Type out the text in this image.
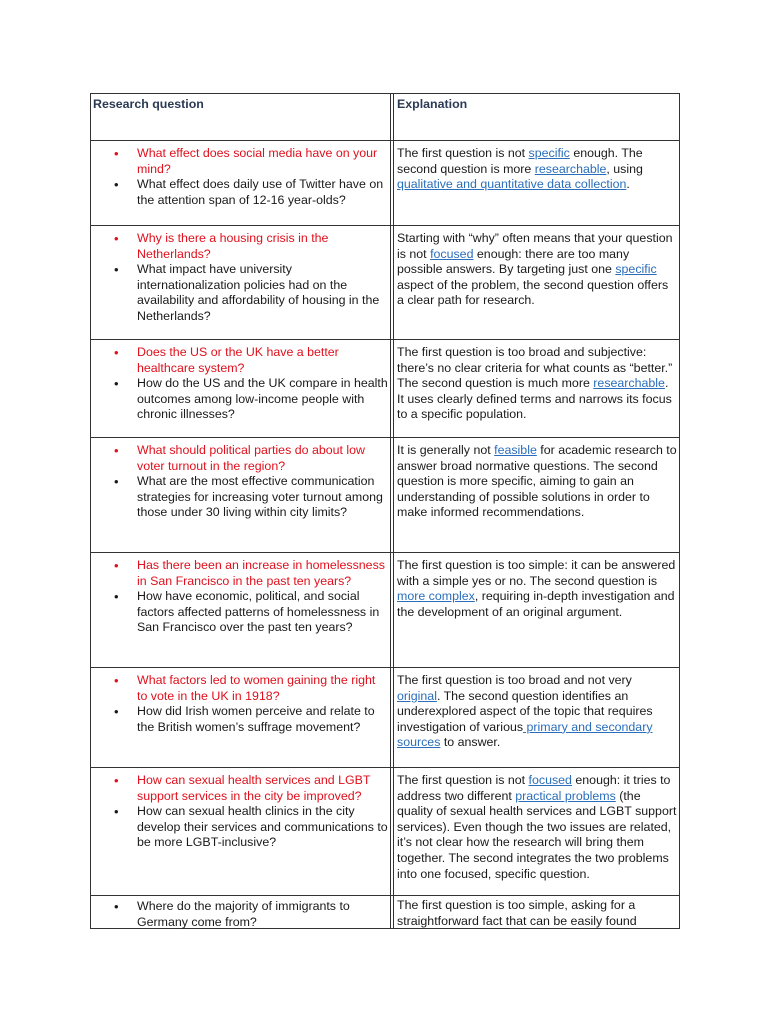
Research question	Explanation
• What effect does social media have on your mind?
• What effect does daily use of Twitter have on the attention span of 12-16 year-olds?
The first question is not specific enough. The second question is more researchable, using qualitative and quantitative data collection.
• Why is there a housing crisis in the Netherlands?
• What impact have university internationalization policies had on the availability and affordability of housing in the Netherlands?
Starting with “why” often means that your question is not focused enough: there are too many possible answers. By targeting just one specific aspect of the problem, the second question offers a clear path for research.
• Does the US or the UK have a better healthcare system?
• How do the US and the UK compare in health outcomes among low-income people with chronic illnesses?
The first question is too broad and subjective: there’s no clear criteria for what counts as “better.” The second question is much more researchable. It uses clearly defined terms and narrows its focus to a specific population.
• What should political parties do about low voter turnout in the region?
• What are the most effective communication strategies for increasing voter turnout among those under 30 living within city limits?
It is generally not feasible for academic research to answer broad normative questions. The second question is more specific, aiming to gain an understanding of possible solutions in order to make informed recommendations.
• Has there been an increase in homelessness in San Francisco in the past ten years?
• How have economic, political, and social factors affected patterns of homelessness in San Francisco over the past ten years?
The first question is too simple: it can be answered with a simple yes or no. The second question is more complex, requiring in-depth investigation and the development of an original argument.
• What factors led to women gaining the right to vote in the UK in 1918?
• How did Irish women perceive and relate to the British women’s suffrage movement?
The first question is too broad and not very original. The second question identifies an underexplored aspect of the topic that requires investigation of various primary and secondary sources to answer.
• How can sexual health services and LGBT support services in the city be improved?
• How can sexual health clinics in the city develop their services and communications to be more LGBT-inclusive?
The first question is not focused enough: it tries to address two different practical problems (the quality of sexual health services and LGBT support services). Even though the two issues are related, it’s not clear how the research will bring them together. The second integrates the two problems into one focused, specific question.
• Where do the majority of immigrants to Germany come from?
The first question is too simple, asking for a straightforward fact that can be easily found
